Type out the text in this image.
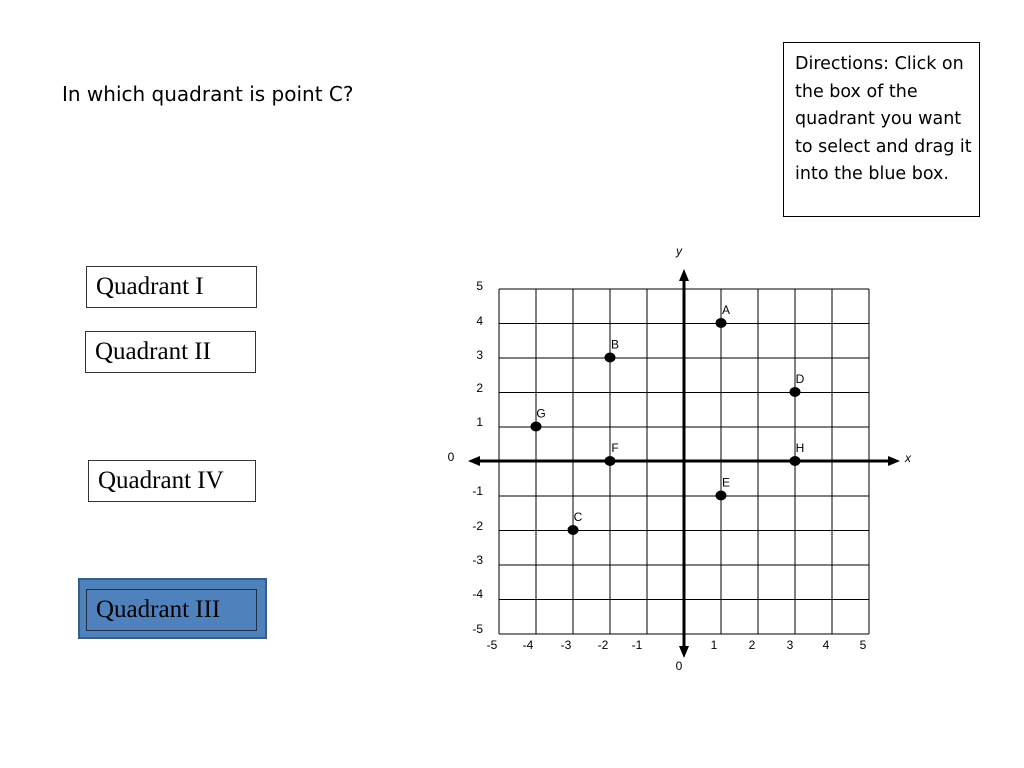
In which quadrant is point C?
Directions: Click on the box of the quadrant you want to select and drag it into the blue box.
Quadrant I
Quadrant II
Quadrant IV
Quadrant III
x
y
-5 -4 -3 -2 -1	1	2	3 4	5
5
4
3
2
1
-1
-2
-3
-4
-5
0
0
A
B
C
D
E
F
G
H
